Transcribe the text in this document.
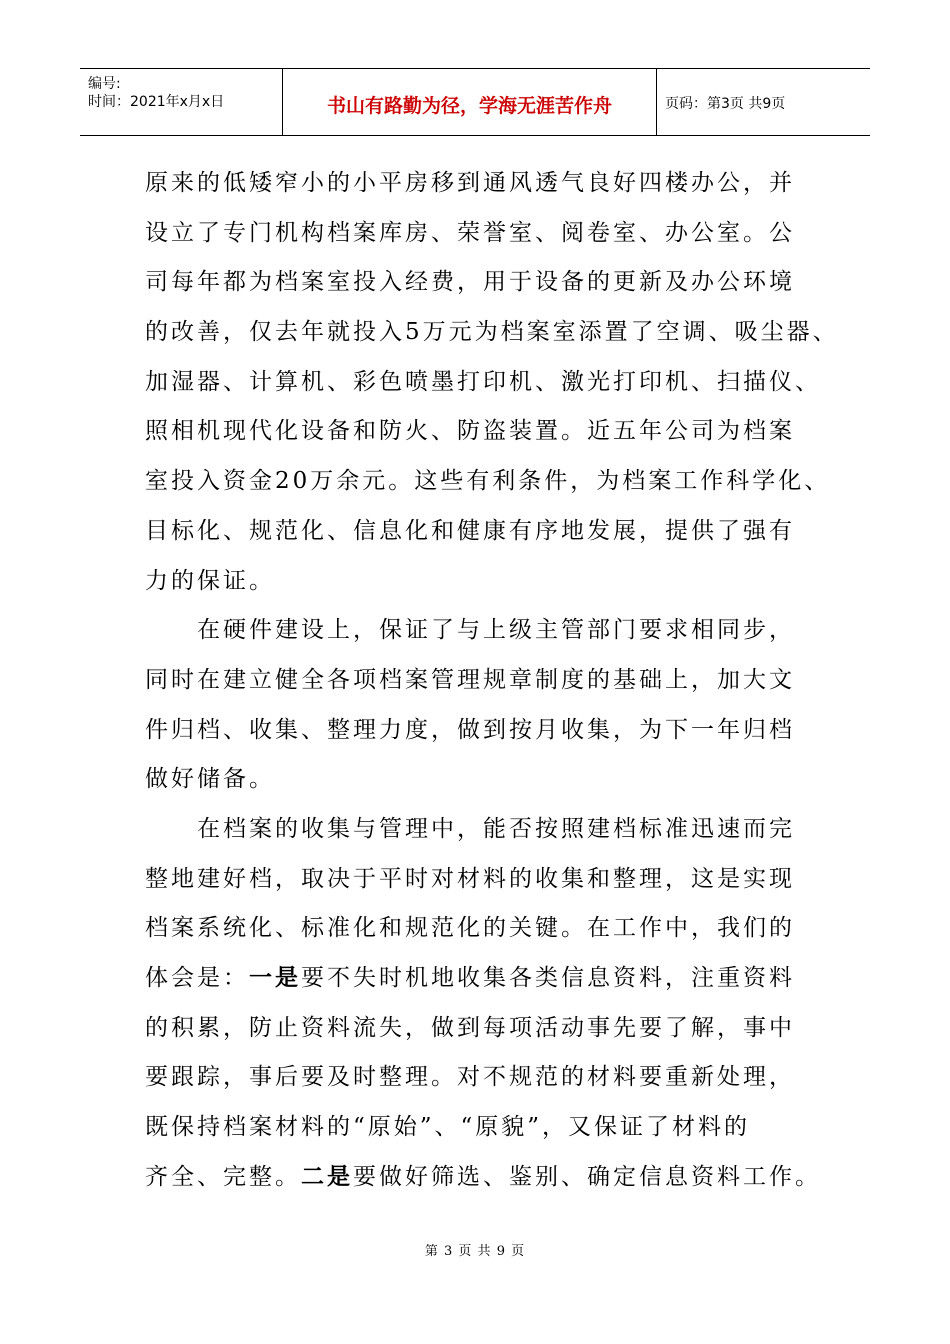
编号:
时间：2021年x月x日	书山有路勤为径，学海无涯苦作舟	页码：第3页 共9页
原来的低矮窄小的小平房移到通风透气良好四楼办公，并
设立了专门机构档案库房、荣誉室、阅卷室、办公室。公
司每年都为档案室投入经费，用于设备的更新及办公环境
的改善，仅去年就投入5万元为档案室添置了空调、吸尘器、
加湿器、计算机、彩色喷墨打印机、激光打印机、扫描仪、
照相机现代化设备和防火、防盗装置。近五年公司为档案
室投入资金20万余元。这些有利条件，为档案工作科学化、
目标化、规范化、信息化和健康有序地发展，提供了强有
力的保证。
在硬件建设上，保证了与上级主管部门要求相同步，
同时在建立健全各项档案管理规章制度的基础上，加大文
件归档、收集、整理力度，做到按月收集，为下一年归档
做好储备。
在档案的收集与管理中，能否按照建档标准迅速而完
整地建好档，取决于平时对材料的收集和整理，这是实现
档案系统化、标准化和规范化的关键。在工作中，我们的
体会是：一是要不失时机地收集各类信息资料，注重资料
的积累，防止资料流失，做到每项活动事先要了解，事中
要跟踪，事后要及时整理。对不规范的材料要重新处理，
既保持档案材料的“原始”、“原貌”，又保证了材料的
齐全、完整。二是要做好筛选、鉴别、确定信息资料工作。
第 3 页 共 9 页
